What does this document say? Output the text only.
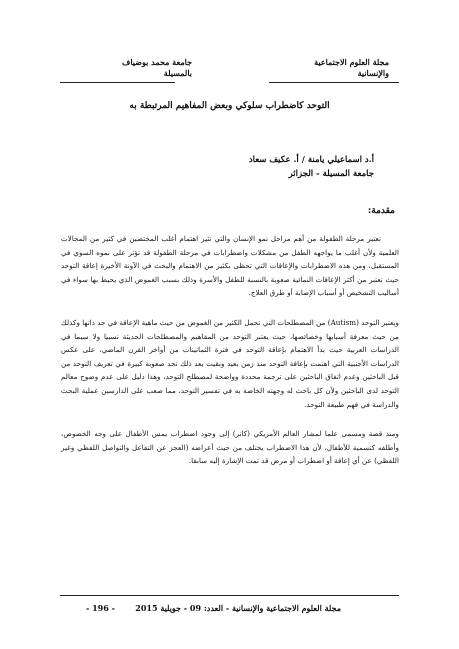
مجلة العلوم الاجتماعية
والإنسانية
جامعة محمد بوضياف
بالمسيلة
التوحد كاضطراب سلوكي وبعض المفاهيم المرتبطة به
أ.د اسماعيلي يامنة / أ. عكيف سعاد
جامعة المسيلة - الجزائر
مقدمة:

تعتبر مرحلة الطفولة من أهم مراحل نمو الإنسان والتي تثير اهتمام أغلب المختصين في كثير من المجالات العلمية ولأن أغلب ما يواجهه الطفل من مشكلات واضطرابات في مرحلة الطفولة قد تؤثر على نموه السوي في المستقبل، ومن هذه الاضطرابات والإعاقات التي تحظى بكثير من الاهتمام والبحث في الآونة الأخيرة إعاقة التوحد حيث تعتبر من أكثر الإعاقات النمائية صعوبة بالنسبة للطفل والأسرة وذلك بسبب الغموض الذي يحيط بها سواء في أساليب التشخيص أو أسباب الإصابة أو طرق العلاج.

ويعتبر التوحد (Autism) من المصطلحات التي تحمل الكثير من الغموض من حيث ماهية الإعاقة في حد ذاتها وكذلك من حيث معرفة أسبابها وخصائصها، حيث يعتبر التوحد من المفاهيم والمصطلحات الحديثة نسبيا ولا سيما في الدراسات العربية حيث بدأ الاهتمام بإعاقة التوحد في فترة الثمانينات من أواخر القرن الماضي، على عكس الدراسات الأجنبية التي اهتمت بإعاقة التوحد منذ زمن بعيد وبقيت بعد ذلك تجد صعوبة كبيرة في تعريف التوحد من قبل الباحثين وعدم اتفاق الباحثين على ترجمة محددة وواضحة لمصطلح التوحد، وهذا دليل على عدم وضوح معالم التوحد لدى الباحثين ولأن كل باحث له وجهته الخاصة به في تفسير التوحد، مما صعب على الدارسين عملية البحث والدراسة في فهم طبيعة التوحد.

ومنذ قصة ومسمى علما لمشار العالم الأمريكي (كانر) إلى وجود اضطراب يمس الأطفال على وجه الخصوص، وأطلقه كتسمية للأطفال، لأن هذا الاضطراب يختلف من حيث أعراضه (العجز عن التفاعل والتواصل اللفظي وغير اللفظي) عن أي إعاقة أو اضطراب أو مرض قد تمت الإشارة إليه سابقا.

مجلة العلوم الاجتماعية والإنسانية - العدد: 09 - جويلية 2015
- 196 -
